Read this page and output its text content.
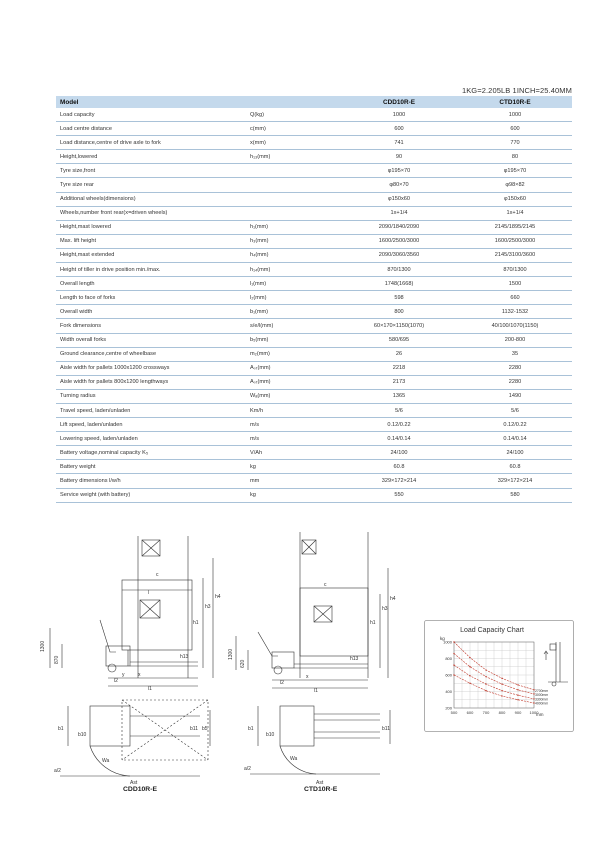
1KG=2.205LB 1INCH=25.40MM
Model		CDD10R-E	CTD10R-E
Load capacity	Q(kg)	1000	1000
Load centre distance	c(mm)	600	600
Load distance,centre of drive axle to fork	x(mm)	741	770
Height,lowered	h₁₃(mm)	90	80
Tyre size,front		φ195×70	φ195×70
Tyre size rear		φ80×70	φ98×82
Additional wheels(dimensions)		φ150x60	φ150x60
Wheels,number front rear(x=driven wheels)		1x+1/4	1x+1/4
Height,mast lowered	h₁(mm)	2090/1840/2090	2145/1895/2145
Max. lift height	h₃(mm)	1600/2500/3000	1600/2500/3000
Height,mast extended	h₄(mm)	2090/3060/3560	2145/3100/3600
Height of tiller in drive position min./max.	h₁₄(mm)	870/1300	870/1300
Overall length	l₁(mm)	1748(1668)	1500
Length to face of forks	l₂(mm)	598	660
Overall width	b₁(mm)	800	1132-1532
Fork dimensions	s/e/l(mm)	60×170×1150(1070)	40/100/1070(1150)
Width overall forks	b₅(mm)	580/695	200-800
Ground clearance,centre of wheelbase	m₂(mm)	26	35
Aisle width for pallets 1000x1200 crossways	Aₛₜ(mm)	2218	2280
Aisle width for pallets 800x1200 lengthways	Aₛₜ(mm)	2173	2280
Turning radius	Wₐ(mm)	1365	1490
Travel speed, laden/unladen	Km/h	5/6	5/6
Lift speed, laden/unladen	m/s	0.12/0.22	0.12/0.22
Lowering speed, laden/unladen	m/s	0.14/0.14	0.14/0.14
Battery voltage,nominal capacity K₅	V/Ah	24/100	24/100
Battery weight	kg	60.8	60.8
Battery dimensions l/w/h	mm	329×172×214	329×172×214
Service weight (with battery)	kg	550	580
h4
h3
h1
h13
c
l
l1
l2
x
y
1300
870
b1
b10
b5
b11
Wa
a/2
Ast
CDD10R-E
h4
h3
h1
h13
c
l1
l2
x
1300
620
b1
b10
b11
Wa
a/2
Ast
CTD10R-E
Load Capacity Chart
kg
mm
500 600 700 800 900 1000
200
400
600
800
1000
2700mm
3000mm
3300mm
4000mm
